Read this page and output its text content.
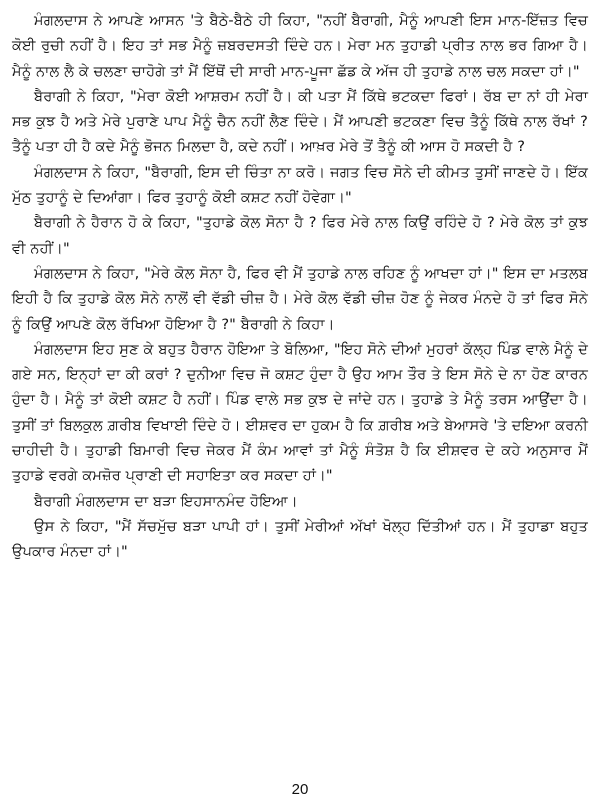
ਮੰਗਲਦਾਸ ਨੇ ਆਪਣੇ ਆਸਨ 'ਤੇ ਬੈਠੇ-ਬੈਠੇ ਹੀ ਕਿਹਾ, "ਨਹੀਂ ਬੈਰਾਗੀ, ਮੈਨੂੰ ਆਪਣੀ ਇਸ ਮਾਨ-ਇੱਜ਼ਤ ਵਿਚ ਕੋਈ ਰੁਚੀ ਨਹੀਂ ਹੈ। ਇਹ ਤਾਂ ਸਭ ਮੈਨੂੰ ਜ਼ਬਰਦਸਤੀ ਦਿੰਦੇ ਹਨ। ਮੇਰਾ ਮਨ ਤੁਹਾਡੀ ਪ੍ਰੀਤ ਨਾਲ ਭਰ ਗਿਆ ਹੈ। ਮੈਨੂੰ ਨਾਲ ਲੈ ਕੇ ਚਲਣਾ ਚਾਹੋਗੇ ਤਾਂ ਮੈਂ ਇੱਥੋਂ ਦੀ ਸਾਰੀ ਮਾਨ-ਪੂਜਾ ਛੱਡ ਕੇ ਅੱਜ ਹੀ ਤੁਹਾਡੇ ਨਾਲ ਚਲ ਸਕਦਾ ਹਾਂ।"

ਬੈਰਾਗੀ ਨੇ ਕਿਹਾ, "ਮੇਰਾ ਕੋਈ ਆਸ਼ਰਮ ਨਹੀਂ ਹੈ। ਕੀ ਪਤਾ ਮੈਂ ਕਿੱਥੇ ਭਟਕਦਾ ਫਿਰਾਂ। ਰੱਬ ਦਾ ਨਾਂ ਹੀ ਮੇਰਾ ਸਭ ਕੁਝ ਹੈ ਅਤੇ ਮੇਰੇ ਪੁਰਾਣੇ ਪਾਪ ਮੈਨੂੰ ਚੈਨ ਨਹੀਂ ਲੈਣ ਦਿੰਦੇ। ਮੈਂ ਆਪਣੀ ਭਟਕਣਾ ਵਿਚ ਤੈਨੂੰ ਕਿੱਥੇ ਨਾਲ ਰੱਖਾਂ ? ਤੈਨੂੰ ਪਤਾ ਹੀ ਹੈ ਕਦੇ ਮੈਨੂੰ ਭੋਜਨ ਮਿਲਦਾ ਹੈ, ਕਦੇ ਨਹੀਂ। ਆਖ਼ਰ ਮੇਰੇ ਤੋਂ ਤੈਨੂੰ ਕੀ ਆਸ ਹੋ ਸਕਦੀ ਹੈ ?

ਮੰਗਲਦਾਸ ਨੇ ਕਿਹਾ, "ਬੈਰਾਗੀ, ਇਸ ਦੀ ਚਿੰਤਾ ਨਾ ਕਰੋ। ਜਗਤ ਵਿਚ ਸੋਨੇ ਦੀ ਕੀਮਤ ਤੁਸੀਂ ਜਾਣਦੇ ਹੋ। ਇੱਕ ਮੁੱਠ ਤੁਹਾਨੂੰ ਦੇ ਦਿਆਂਗਾ। ਫਿਰ ਤੁਹਾਨੂੰ ਕੋਈ ਕਸ਼ਟ ਨਹੀਂ ਹੋਵੇਗਾ।"

ਬੈਰਾਗੀ ਨੇ ਹੈਰਾਨ ਹੋ ਕੇ ਕਿਹਾ, "ਤੁਹਾਡੇ ਕੋਲ ਸੋਨਾ ਹੈ ? ਫਿਰ ਮੇਰੇ ਨਾਲ ਕਿਉਂ ਰਹਿੰਦੇ ਹੋ ? ਮੇਰੇ ਕੋਲ ਤਾਂ ਕੁਝ ਵੀ ਨਹੀਂ।"

ਮੰਗਲਦਾਸ ਨੇ ਕਿਹਾ, "ਮੇਰੇ ਕੋਲ ਸੋਨਾ ਹੈ, ਫਿਰ ਵੀ ਮੈਂ ਤੁਹਾਡੇ ਨਾਲ ਰਹਿਣ ਨੂੰ ਆਖਦਾ ਹਾਂ।" ਇਸ ਦਾ ਮਤਲਬ ਇਹੀ ਹੈ ਕਿ ਤੁਹਾਡੇ ਕੋਲ ਸੋਨੇ ਨਾਲੋਂ ਵੀ ਵੱਡੀ ਚੀਜ਼ ਹੈ। ਮੇਰੇ ਕੋਲ ਵੱਡੀ ਚੀਜ਼ ਹੋਣ ਨੂੰ ਜੇਕਰ ਮੰਨਦੇ ਹੋ ਤਾਂ ਫਿਰ ਸੋਨੇ ਨੂੰ ਕਿਉਂ ਆਪਣੇ ਕੋਲ ਰੱਖਿਆ ਹੋਇਆ ਹੈ ?" ਬੈਰਾਗੀ ਨੇ ਕਿਹਾ।

ਮੰਗਲਦਾਸ ਇਹ ਸੁਣ ਕੇ ਬਹੁਤ ਹੈਰਾਨ ਹੋਇਆ ਤੇ ਬੋਲਿਆ, "ਇਹ ਸੋਨੇ ਦੀਆਂ ਮੁਹਰਾਂ ਕੱਲ੍ਹ ਪਿੰਡ ਵਾਲੇ ਮੈਨੂੰ ਦੇ ਗਏ ਸਨ, ਇਨ੍ਹਾਂ ਦਾ ਕੀ ਕਰਾਂ ? ਦੁਨੀਆ ਵਿਚ ਜੋ ਕਸ਼ਟ ਹੁੰਦਾ ਹੈ ਉਹ ਆਮ ਤੌਰ ਤੇ ਇਸ ਸੋਨੇ ਦੇ ਨਾ ਹੋਣ ਕਾਰਨ ਹੁੰਦਾ ਹੈ। ਮੈਨੂੰ ਤਾਂ ਕੋਈ ਕਸ਼ਟ ਹੈ ਨਹੀਂ। ਪਿੰਡ ਵਾਲੇ ਸਭ ਕੁਝ ਦੇ ਜਾਂਦੇ ਹਨ। ਤੁਹਾਡੇ ਤੇ ਮੈਨੂੰ ਤਰਸ ਆਉਂਦਾ ਹੈ। ਤੁਸੀਂ ਤਾਂ ਬਿਲਕੁਲ ਗ਼ਰੀਬ ਵਿਖਾਈ ਦਿੰਦੇ ਹੋ। ਈਸ਼ਵਰ ਦਾ ਹੁਕਮ ਹੈ ਕਿ ਗ਼ਰੀਬ ਅਤੇ ਬੇਆਸਰੇ 'ਤੇ ਦਇਆ ਕਰਨੀ ਚਾਹੀਦੀ ਹੈ। ਤੁਹਾਡੀ ਬਿਮਾਰੀ ਵਿਚ ਜੇਕਰ ਮੈਂ ਕੰਮ ਆਵਾਂ ਤਾਂ ਮੈਨੂੰ ਸੰਤੋਸ਼ ਹੈ ਕਿ ਈਸ਼ਵਰ ਦੇ ਕਹੇ ਅਨੁਸਾਰ ਮੈਂ ਤੁਹਾਡੇ ਵਰਗੇ ਕਮਜ਼ੋਰ ਪ੍ਰਾਣੀ ਦੀ ਸਹਾਇਤਾ ਕਰ ਸਕਦਾ ਹਾਂ।"

ਬੈਰਾਗੀ ਮੰਗਲਦਾਸ ਦਾ ਬੜਾ ਇਹਸਾਨਮੰਦ ਹੋਇਆ।

ਉਸ ਨੇ ਕਿਹਾ, "ਮੈਂ ਸੱਚਮੁੱਚ ਬੜਾ ਪਾਪੀ ਹਾਂ। ਤੁਸੀਂ ਮੇਰੀਆਂ ਅੱਖਾਂ ਖੋਲ੍ਹ ਦਿੱਤੀਆਂ ਹਨ। ਮੈਂ ਤੁਹਾਡਾ ਬਹੁਤ ਉਪਕਾਰ ਮੰਨਦਾ ਹਾਂ।"

20
